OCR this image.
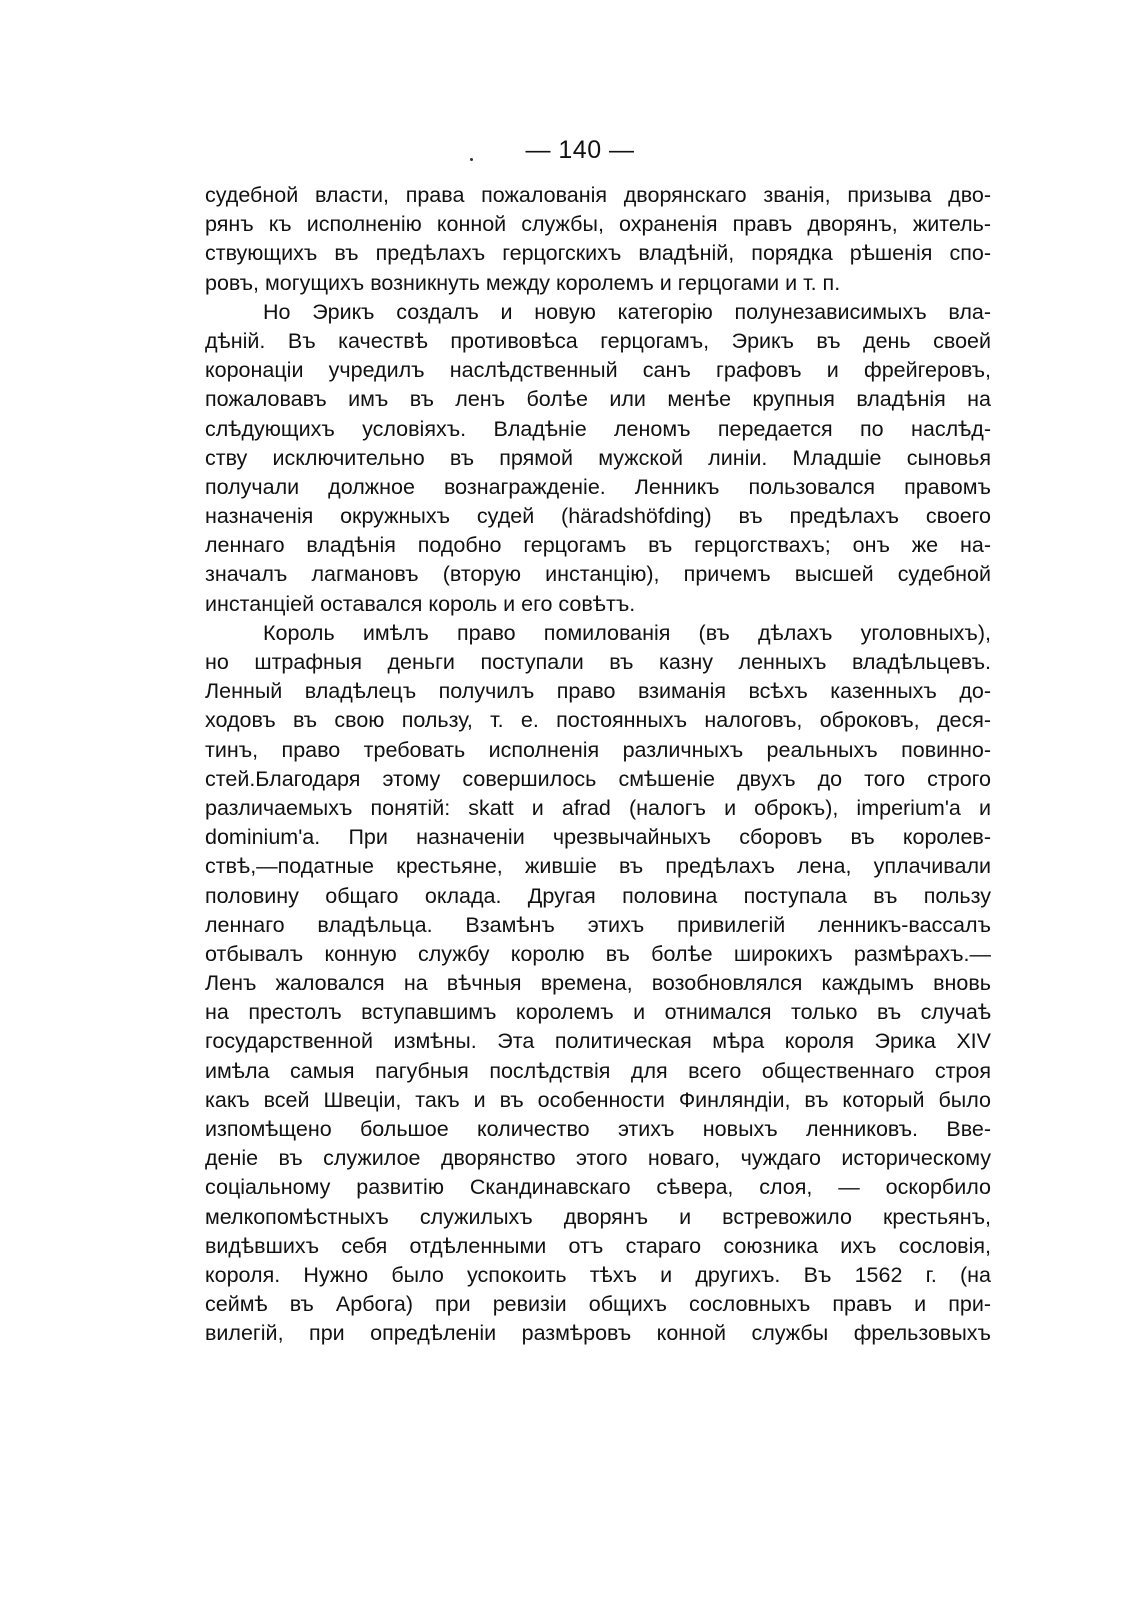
— 140 —
судебной власти, права пожалованія дворянскаго званія, призыва дво-
рянъ къ исполненію конной службы, охраненія правъ дворянъ, житель-
ствующихъ въ предѣлахъ герцогскихъ владѣній, порядка рѣшенія спо-
ровъ, могущихъ возникнуть между королемъ и герцогами и т. п.
Но Эрикъ создалъ и новую категорію полунезависимыхъ вла-
дѣній. Въ качествѣ противовѣса герцогамъ, Эрикъ въ день своей
коронаціи учредилъ наслѣдственный санъ графовъ и фрейгеровъ,
пожаловавъ имъ въ ленъ болѣе или менѣе крупныя владѣнія на
слѣдующихъ условіяхъ. Владѣніе леномъ передается по наслѣд-
ству исключительно въ прямой мужской линіи. Младшіе сыновья
получали должное вознагражденіе. Ленникъ пользовался правомъ
назначенія окружныхъ судей (häradshöfding) въ предѣлахъ своего
леннаго владѣнія подобно герцогамъ въ герцогствахъ; онъ же на-
значалъ лагмановъ (вторую инстанцію), причемъ высшей судебной
инстанціей оставался король и его совѣтъ.
Король имѣлъ право помилованія (въ дѣлахъ уголовныхъ),
но штрафныя деньги поступали въ казну ленныхъ владѣльцевъ.
Ленный владѣлецъ получилъ право взиманія всѣхъ казенныхъ до-
ходовъ въ свою пользу, т. е. постоянныхъ налоговъ, оброковъ, деся-
тинъ, право требовать исполненія различныхъ реальныхъ повинно-
стей.Благодаря этому совершилось смѣшеніе двухъ до того строго
различаемыхъ понятій: skatt и afrad (налогъ и оброкъ), imperium'a и
dominium'a. При назначеніи чрезвычайныхъ сборовъ въ королев-
ствѣ,—податные крестьяне, жившіе въ предѣлахъ лена, уплачивали
половину общаго оклада. Другая половина поступала въ пользу
леннаго владѣльца. Взамѣнъ этихъ привилегій ленникъ-вассалъ
отбывалъ конную службу королю въ болѣе широкихъ размѣрахъ.—
Ленъ жаловался на вѣчныя времена, возобновлялся каждымъ вновь
на престолъ вступавшимъ королемъ и отнимался только въ случаѣ
государственной измѣны. Эта политическая мѣра короля Эрика XIV
имѣла самыя пагубныя послѣдствія для всего общественнаго строя
какъ всей Швеціи, такъ и въ особенности Финляндіи, въ который было
изпомѣщено большое количество этихъ новыхъ ленниковъ. Вве-
деніе въ служилое дворянство этого новаго, чуждаго историческому
соціальному развитію Скандинавскаго сѣвера, слоя, — оскорбило
мелкопомѣстныхъ служилыхъ дворянъ и встревожило крестьянъ,
видѣвшихъ себя отдѣленными отъ стараго союзника ихъ сословія,
короля. Нужно было успокоить тѣхъ и другихъ. Въ 1562 г. (на
сеймѣ въ Арбога) при ревизіи общихъ сословныхъ правъ и при-
вилегій, при опредѣленіи размѣровъ конной службы фрельзовыхъ
